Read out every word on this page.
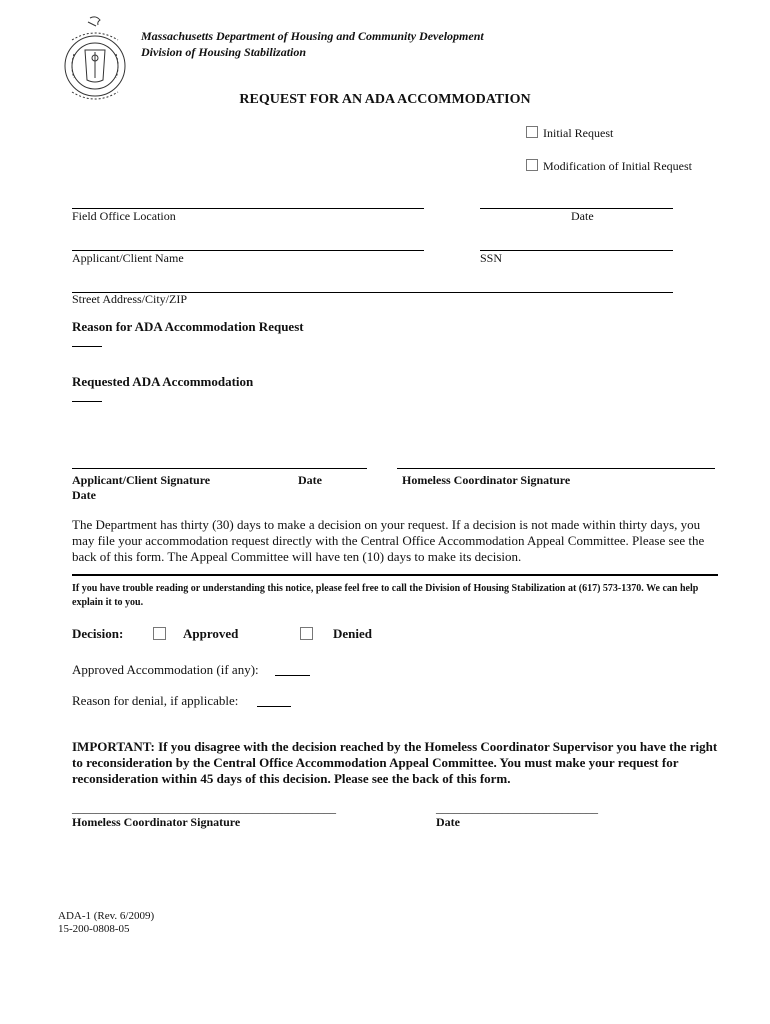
Massachusetts Department of Housing and Community Development
Division of Housing Stabilization
REQUEST FOR AN ADA ACCOMMODATION
Initial Request
Modification of Initial Request
Field Office Location	Date
Applicant/Client Name	SSN
Street Address/City/ZIP
Reason for ADA Accommodation Request
Requested ADA Accommodation
Applicant/Client Signature	Date	Homeless Coordinator Signature
Date
The Department has thirty (30) days to make a decision on your request. If a decision is not made within thirty days, you may file your accommodation request directly with the Central Office Accommodation Appeal Committee. Please see the back of this form. The Appeal Committee will have ten (10) days to make its decision.
If you have trouble reading or understanding this notice, please feel free to call the Division of Housing Stabilization at (617) 573-1370. We can help explain it to you.
Decision:	Approved	Denied
Approved Accommodation (if any):
Reason for denial, if applicable:
IMPORTANT: If you disagree with the decision reached by the Homeless Coordinator Supervisor you have the right to reconsideration by the Central Office Accommodation Appeal Committee. You must make your request for reconsideration within 45 days of this decision. Please see the back of this form.
____________________________________________	___________________________
Homeless Coordinator Signature	Date
ADA-1 (Rev. 6/2009)
15-200-0808-05
